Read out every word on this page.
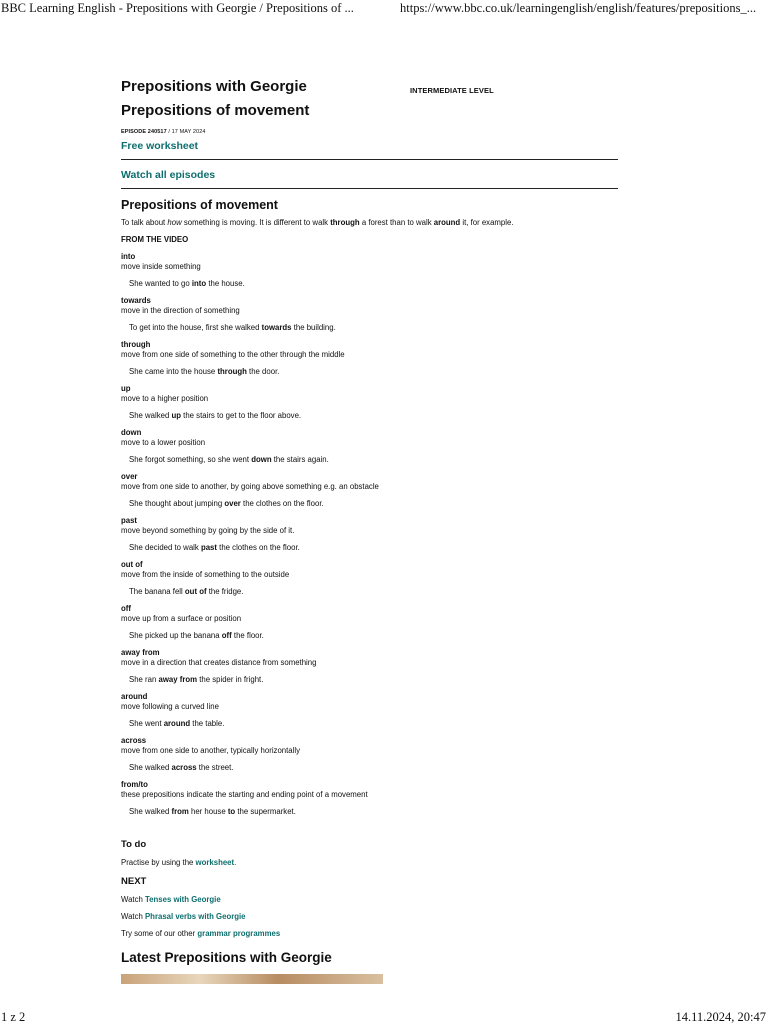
BBC Learning English - Prepositions with Georgie / Prepositions of ...	https://www.bbc.co.uk/learningenglish/english/features/prepositions_...
INTERMEDIATE LEVEL
Prepositions with Georgie
Prepositions of movement
EPISODE 240517 / 17 MAY 2024
Free worksheet
Watch all episodes
Prepositions of movement
To talk about how something is moving. It is different to walk through a forest than to walk around it, for example.
FROM THE VIDEO
into
move inside something
She wanted to go into the house.
towards
move in the direction of something
To get into the house, first she walked towards the building.
through
move from one side of something to the other through the middle
She came into the house through the door.
up
move to a higher position
She walked up the stairs to get to the floor above.
down
move to a lower position
She forgot something, so she went down the stairs again.
over
move from one side to another, by going above something e.g. an obstacle
She thought about jumping over the clothes on the floor.
past
move beyond something by going by the side of it.
She decided to walk past the clothes on the floor.
out of
move from the inside of something to the outside
The banana fell out of the fridge.
off
move up from a surface or position
She picked up the banana off the floor.
away from
move in a direction that creates distance from something
She ran away from the spider in fright.
around
move following a curved line
She went around the table.
across
move from one side to another, typically horizontally
She walked across the street.
from/to
these prepositions indicate the starting and ending point of a movement
She walked from her house to the supermarket.
To do
Practise by using the worksheet.
NEXT
Watch Tenses with Georgie
Watch Phrasal verbs with Georgie
Try some of our other grammar programmes
Latest Prepositions with Georgie
1 z 2	14.11.2024, 20:47
